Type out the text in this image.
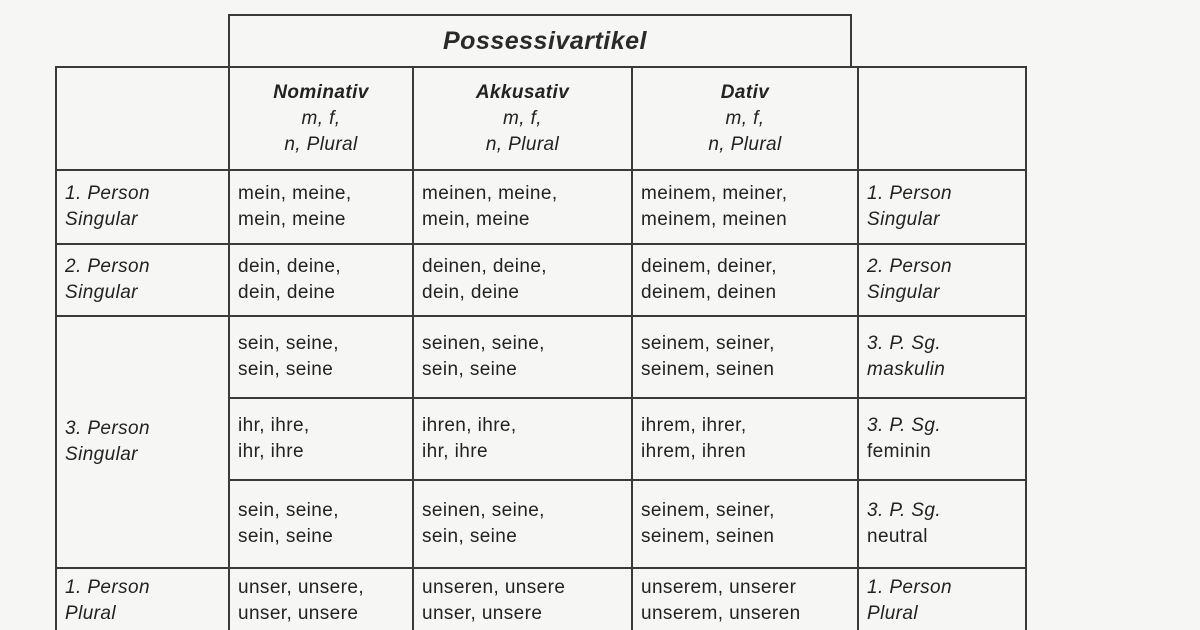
Possessivartikel

	Nominativ
m, f,
n, Plural	Akkusativ
m, f,
n, Plural	Dativ
m, f,
n, Plural	

1. Person
Singular	mein, meine,
mein, meine	meinen, meine,
mein, meine	meinem, meiner,
meinem, meinen	1. Person
Singular

2. Person
Singular	dein, deine,
dein, deine	deinen, deine,
dein, deine	deinem, deiner,
deinem, deinen	2. Person
Singular

3. Person
Singular	sein, seine,
sein, seine	seinen, seine,
sein, seine	seinem, seiner,
seinem, seinen	3. P. Sg.
maskulin

	ihr, ihre,
ihr, ihre	ihren, ihre,
ihr, ihre	ihrem, ihrer,
ihrem, ihren	3. P. Sg.
feminin

	sein, seine,
sein, seine	seinen, seine,
sein, seine	seinem, seiner,
seinem, seinen	3. P. Sg.
neutral

1. Person
Plural	unser, unsere,
unser, unsere	unseren, unsere
unser, unsere	unserem, unserer
unserem, unseren	1. Person
Plural
